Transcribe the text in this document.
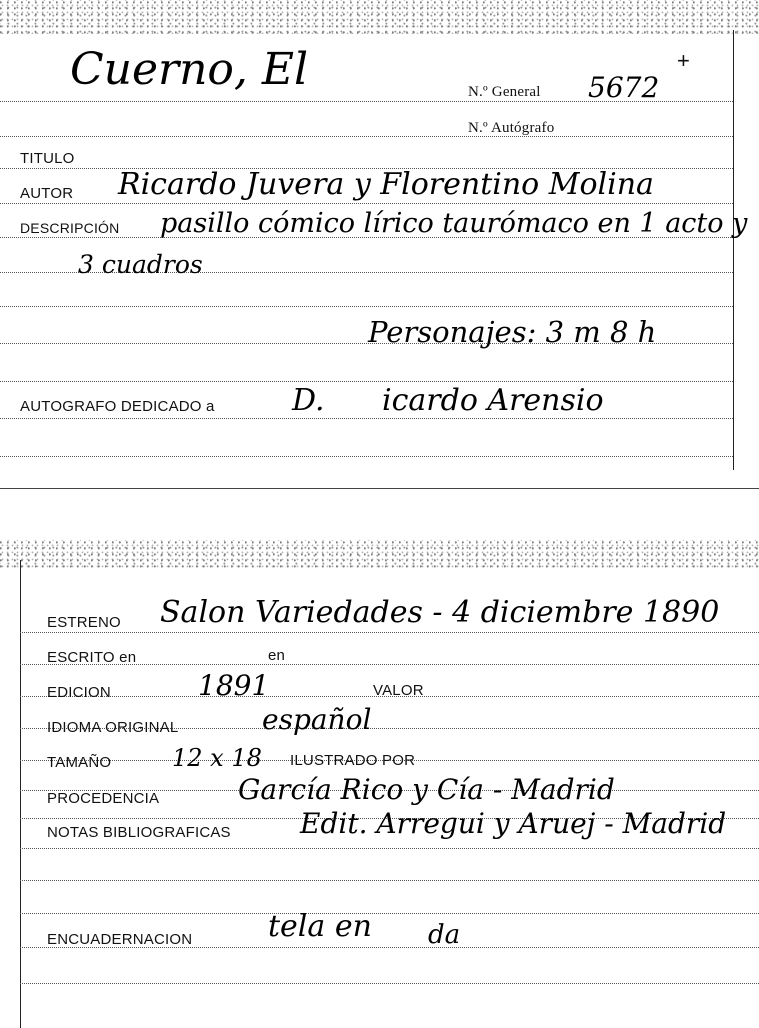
Cuerno, El	N.º General 5672
+
N.º Autógrafo
TITULO
AUTOR Ricardo Juvera y Florentino Molina
DESCRIPCIÓN pasillo cómico lírico taurómaco en 1 acto y
3 cuadros
Personajes: 3 m 8 h
AUTOGRAFO DEDICADO a	D. icardo Arensio
ESTRENO Salon Variedades - 4 diciembre 1890
ESCRITO en	en
EDICION	1891	VALOR
IDIOMA ORIGINAL	español
TAMAÑO	12 x 18 ILUSTRADO POR
PROCEDENCIA	García Rico y Cía - Madrid
NOTAS BIBLIOGRAFICAS Edit. Arregui y Aruej - Madrid
ENCUADERNACION	tela en da
